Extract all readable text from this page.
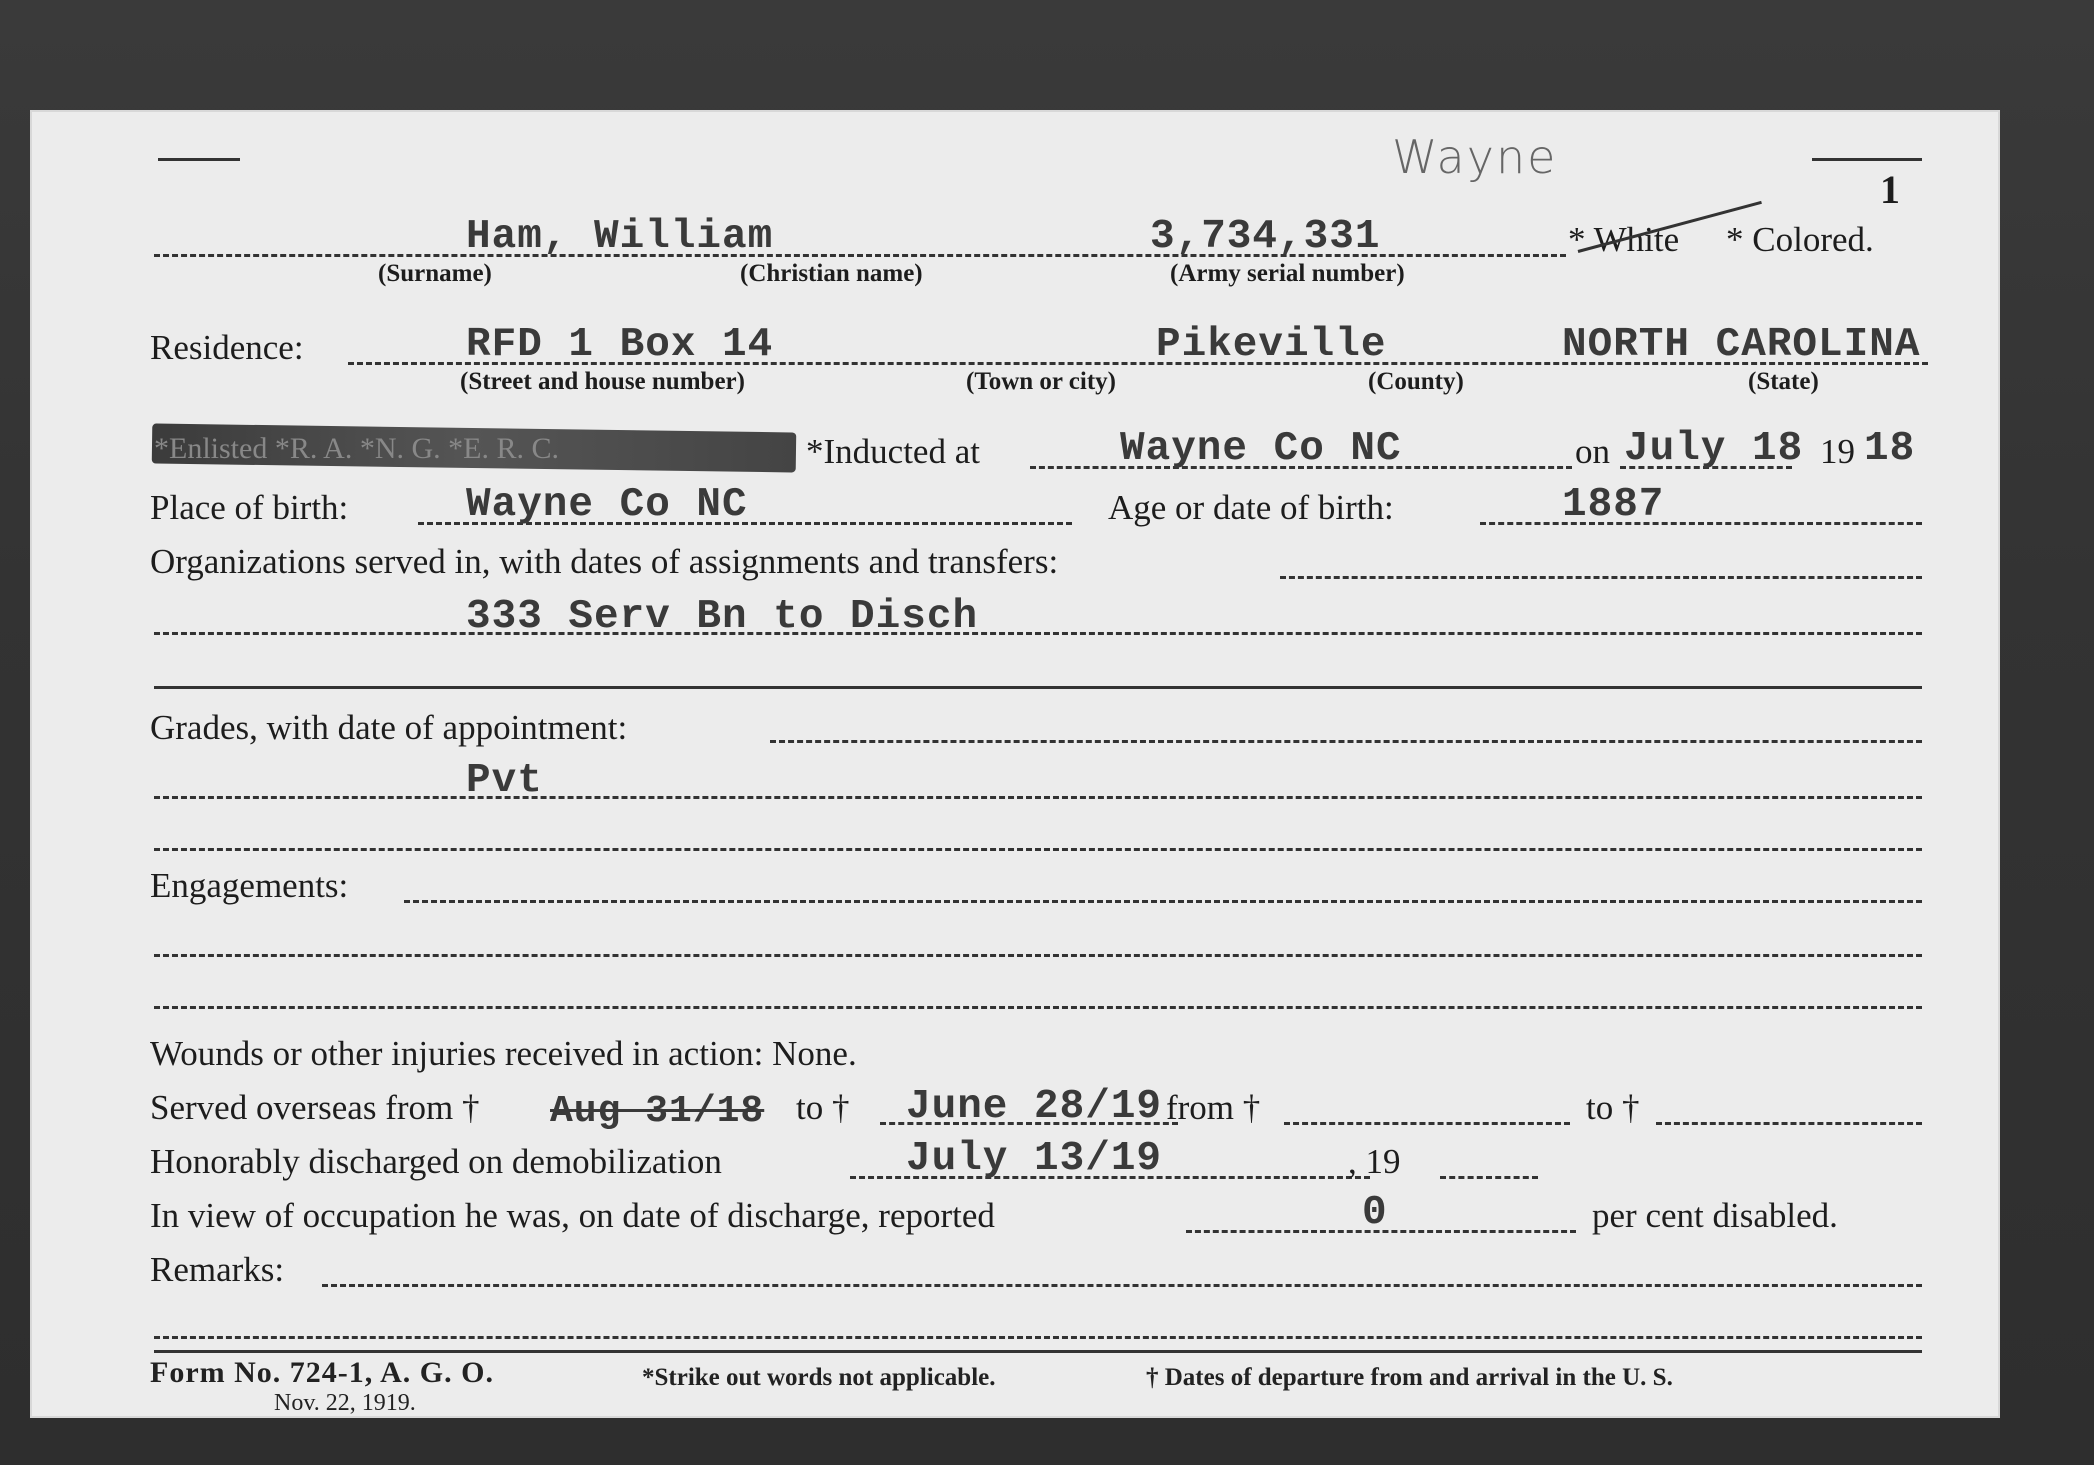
Wayne
1
Ham, William	3,734,331	* White * Colored.
(Surname)	(Christian name)	(Army serial number)
Residence:	RFD 1 Box 14	Pikeville	NORTH CAROLINA
(Street and house number)	(Town or city)	(County)	(State)
*Enlisted *R. A. *N. G. *E. R. C.	*Inducted at	Wayne Co NC	on July 18 19 18
Place of birth:	Wayne Co NC	Age or date of birth:	1887
Organizations served in, with dates of assignments and transfers:
333 Serv Bn to Disch
Grades, with date of appointment:
Pvt
Engagements:
Wounds or other injuries received in action: None.
Served overseas from † Aug 31/18 to † June 28/19 from †	to †
Honorably discharged on demobilization	July 13/19	, 19
In view of occupation he was, on date of discharge, reported	0	per cent disabled.
Remarks:
Form No. 724-1, A. G. O.
Nov. 22, 1919.
*Strike out words not applicable.	† Dates of departure from and arrival in the U. S.
